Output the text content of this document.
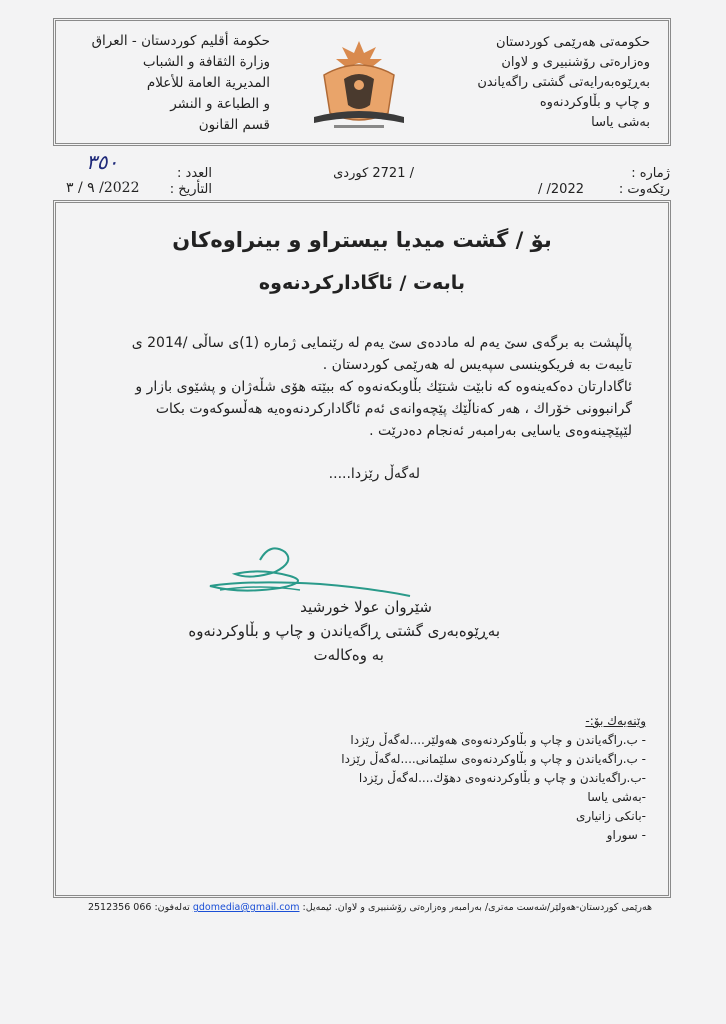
حکومەتی هەرێمی کوردستان
وەزارەتی رۆشنبیری و لاوان
بەڕێوەبەرایەتی گشتی راگەیاندن
و چاپ و بڵاوکردنەوە
بەشی یاسا
حكومة أقليم كوردستان - العراق
وزارة الثقافة و الشباب
المديرية العامة للأعلام
و الطباعة و النشر
قسم القانون
ژمارە :
رێکەوت :
2022/ /
/ 2721 کوردی
العدد :
التأريخ :
٣٥٠
٩ / ٣ /2022
بۆ / گشت میدیا بیستراو و بینراوەکان
بابەت / ئاگادارکردنەوە

پاڵپشت بە برگەی سێ یەم لە ماددەی سێ یەم لە رێنمایی ژمارە (1)ی ساڵی /2014 ی

تایبەت بە فریکوینسی سپەیس لە هەرێمی کوردستان .

ئاگادارتان دەکەینەوە کە نابێت شتێك بڵاوبکەنەوە کە ببێتە هۆی شڵەژان و پشێوی بازار و

گرانبوونی خۆراك ، هەر کەناڵێك پێچەوانەی ئەم ئاگادارکردنەوەیە هەڵسوکەوت بکات

لێپێچینەوەی یاسایی بەرامبەر ئەنجام دەدرێت .

لەگەڵ رێزدا.....
شێروان عولا خورشید
بەڕێوەبەری گشتی ڕاگەیاندن و چاپ و بڵاوکردنەوە
بە وەکالەت
وێنەیەك بۆ:-
- ب.راگەیاندن و چاپ و بڵاوکردنەوەی هەولێر....لەگەڵ رێزدا
- ب.راگەیاندن و چاپ و بڵاوکردنەوەی سلێمانی....لەگەڵ رێزدا
-ب.راگەیاندن و چاپ و بڵاوکردنەوەی دهۆك....لەگەڵ رێزدا
-بەشی یاسا
-بانکی زانیاری
- سوراو
هەرێمی کوردستان-هەولێر/شەست مەتری/ بەرامبەر وەزارەتی رۆشنبیری و لاوان. ئیمەیل: gdomedia@gmail.com تەلەفون: 066 2512356
